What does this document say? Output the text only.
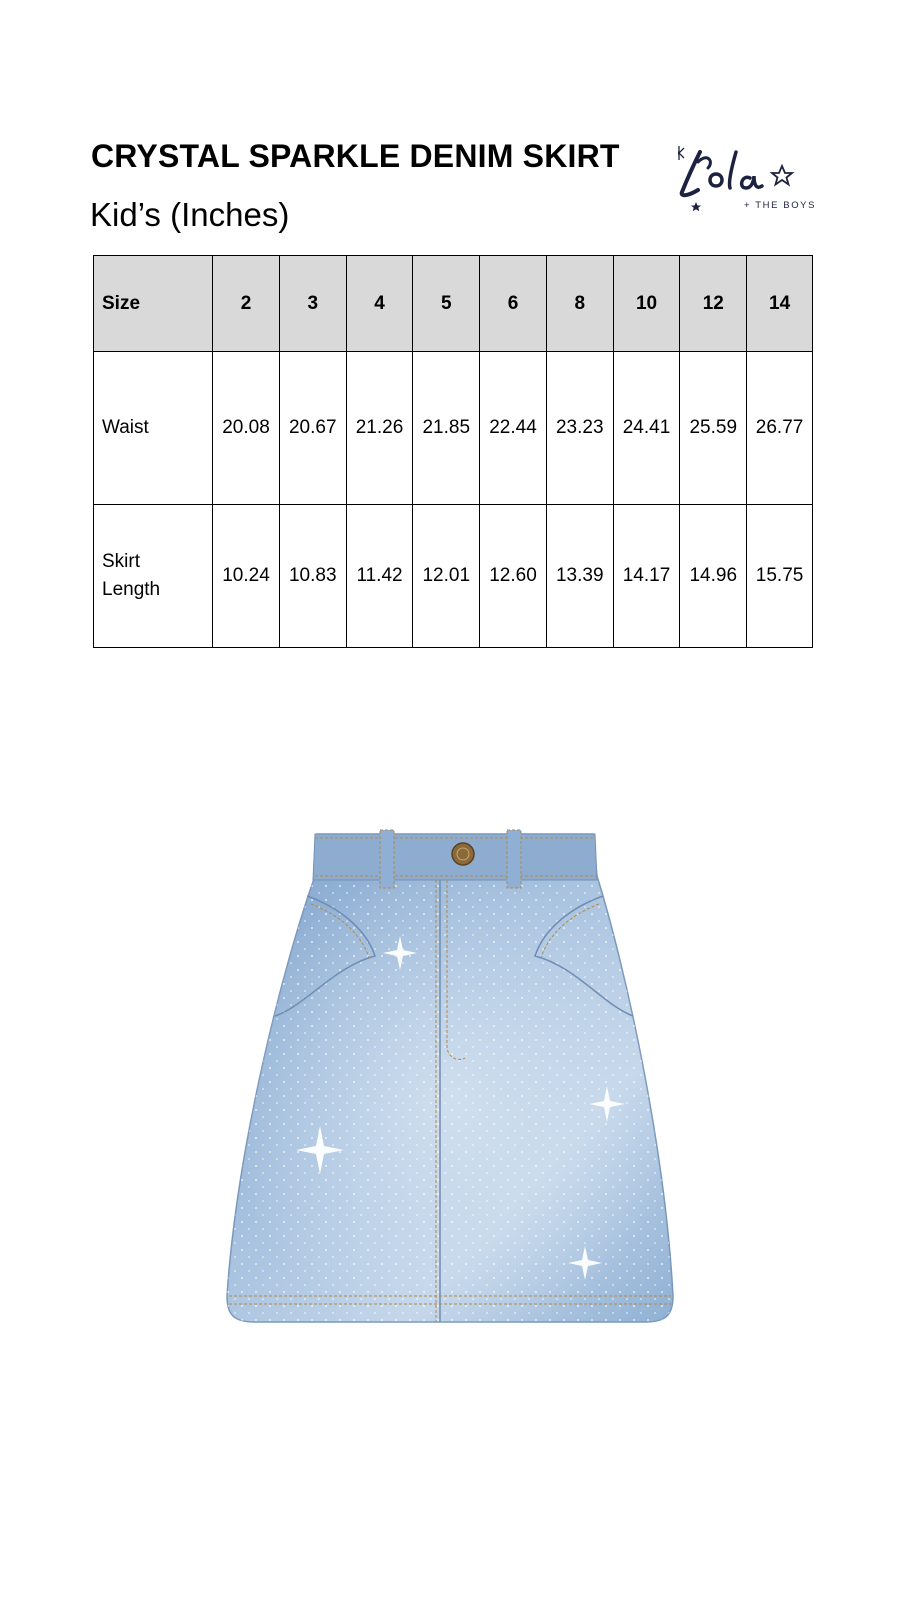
CRYSTAL SPARKLE DENIM SKIRT
Kid’s (Inches)	+ THE BOYS
Size	2	3	4	5	6	8	10	12	14
Waist	20.08	20.67	21.26	21.85	22.44	23.23	24.41	25.59	26.77
Skirt
Length	10.24	10.83	11.42	12.01	12.60	13.39	14.17	14.96	15.75
